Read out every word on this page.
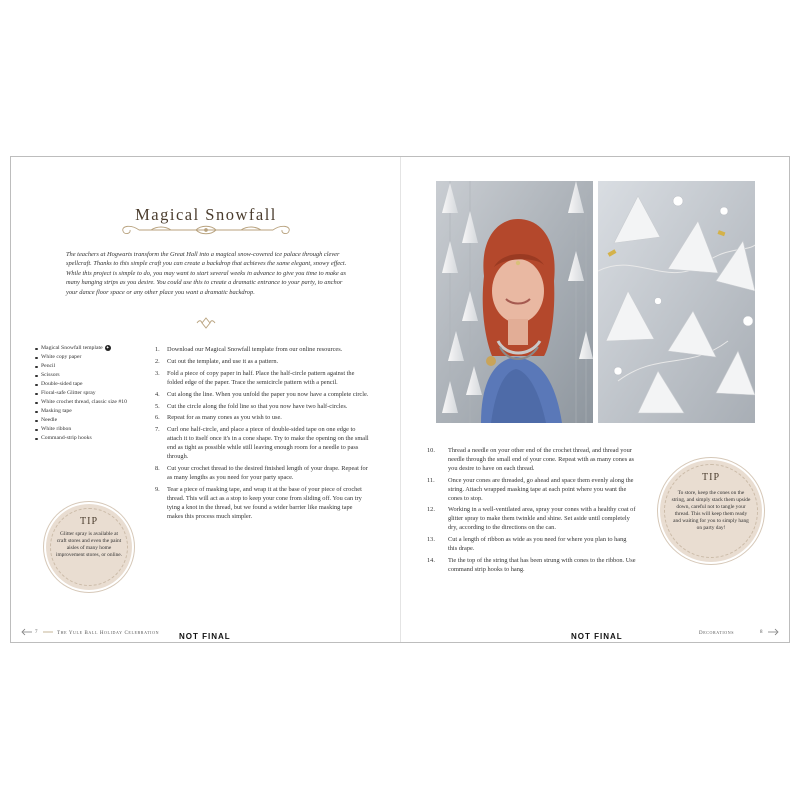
Magical Snowfall
The teachers at Hogwarts transform the Great Hall into a magical snow-covered ice palace through clever spellcraft. Thanks to this simple craft you can create a backdrop that achieves the same elegant, snowy effect. While this project is simple to do, you may want to start several weeks in advance to give you time to make as many hanging strips as you desire. You could use this to create a dramatic entrance to your party, to anchor your dance floor space or any other place you want a dramatic backdrop.
Magical Snowfall template ✦
White copy paper
Pencil
Scissors
Double-sided tape
Floral-safe Glitter spray
White crochet thread, classic size #10
Masking tape
Needle
White ribbon
Command-strip hooks
1. Download our Magical Snowfall template from our online resources.
2. Cut out the template, and use it as a pattern.
3. Fold a piece of copy paper in half. Place the half-circle pattern against the folded edge of the paper. Trace the semicircle pattern with a pencil.
4. Cut along the line. When you unfold the paper you now have a complete circle.
5. Cut the circle along the fold line so that you now have two half-circles.
6. Repeat for as many cones as you wish to use.
7. Curl one half-circle, and place a piece of double-sided tape on one edge to attach it to itself once it's in a cone shape. Try to make the opening on the small end as tight as possible while still leaving enough room for a needle to pass through.
8. Cut your crochet thread to the desired finished length of your drape. Repeat for as many lengths as you need for your party space.
9. Tear a piece of masking tape, and wrap it at the base of your piece of crochet thread. This will act as a stop to keep your cone from sliding off. You can try tying a knot in the thread, but we found a wider barrier like masking tape makes this process much simpler.
TIP
Glitter spray is available at craft stores and even the paint aisles of many home improvement stores, or online.
7	The Yule Ball Holiday Celebration NOT FINAL
10. Thread a needle on your other end of the crochet thread, and thread your needle through the small end of your cone. Repeat with as many cones as you desire to have on each thread.
11. Once your cones are threaded, go ahead and space them evenly along the string. Attach wrapped masking tape at each point where you want the cones to stop.
12. Working in a well-ventilated area, spray your cones with a healthy coat of glitter spray to make them twinkle and shine. Set aside until completely dry, according to the directions on the can.
13. Cut a length of ribbon as wide as you need for where you plan to hang this drape.
14. Tie the top of the string that has been strung with cones to the ribbon. Use command strip hooks to hang.
TIP
To store, keep the cones on the string, and simply stack them upside down, careful not to tangle your thread. This will keep them ready and waiting for you to simply hang on party day!
NOT FINAL	Decorations	8
